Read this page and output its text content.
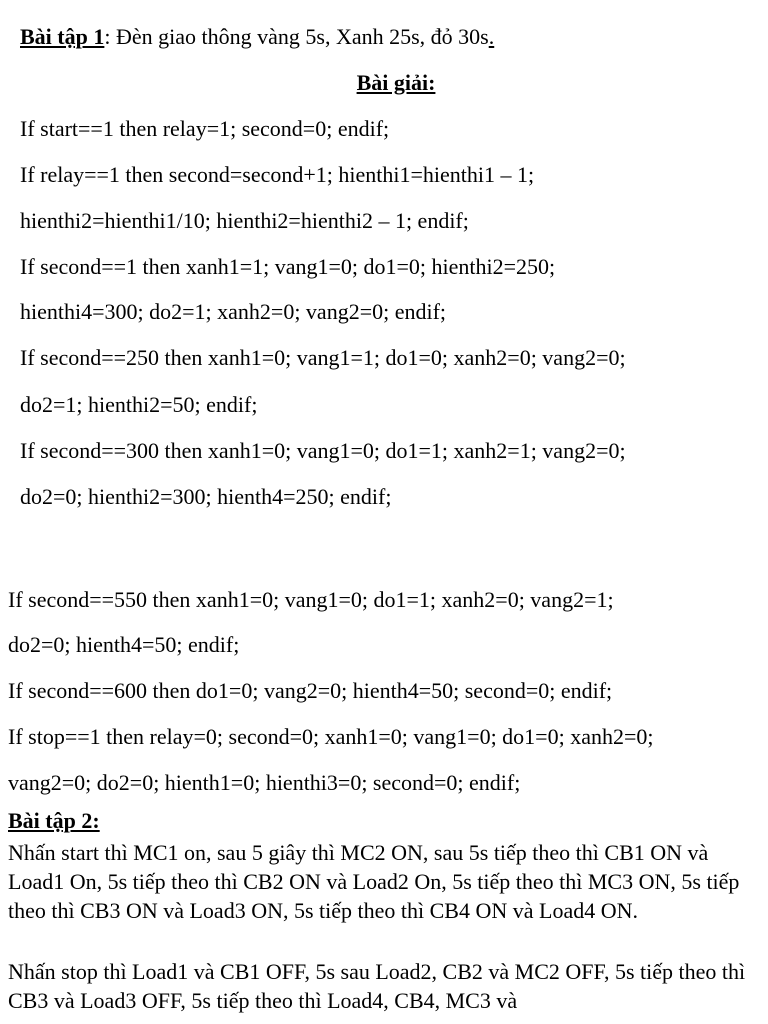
Bài tập 1: Đèn giao thông vàng 5s, Xanh 25s, đỏ 30s.
Bài giải:
If start==1 then relay=1; second=0; endif;
If relay==1 then second=second+1; hienthi1=hienthi1 – 1;
hienthi2=hienthi1/10; hienthi2=hienthi2 – 1; endif;
If second==1 then xanh1=1; vang1=0; do1=0; hienthi2=250;
hienthi4=300; do2=1; xanh2=0; vang2=0; endif;
If second==250 then xanh1=0; vang1=1; do1=0; xanh2=0; vang2=0;
do2=1; hienthi2=50; endif;
If second==300 then xanh1=0; vang1=0; do1=1; xanh2=1; vang2=0;
do2=0; hienthi2=300; hienth4=250; endif;
If second==550 then xanh1=0; vang1=0; do1=1; xanh2=0; vang2=1;
do2=0; hienth4=50; endif;
If second==600 then do1=0; vang2=0; hienth4=50; second=0; endif;
If stop==1 then relay=0; second=0; xanh1=0; vang1=0; do1=0; xanh2=0;
vang2=0; do2=0; hienth1=0; hienthi3=0; second=0; endif;
Bài tập 2:
Nhấn start thì MC1 on, sau 5 giây thì MC2 ON, sau 5s tiếp theo thì CB1 ON và Load1 On, 5s tiếp theo thì CB2 ON và Load2 On, 5s tiếp theo thì MC3 ON, 5s tiếp theo thì CB3 ON và Load3 ON, 5s tiếp theo thì CB4 ON và Load4 ON.
Nhấn stop thì Load1 và CB1 OFF, 5s sau Load2, CB2 và MC2 OFF, 5s tiếp theo thì CB3 và Load3 OFF, 5s tiếp theo thì Load4, CB4, MC3 và
